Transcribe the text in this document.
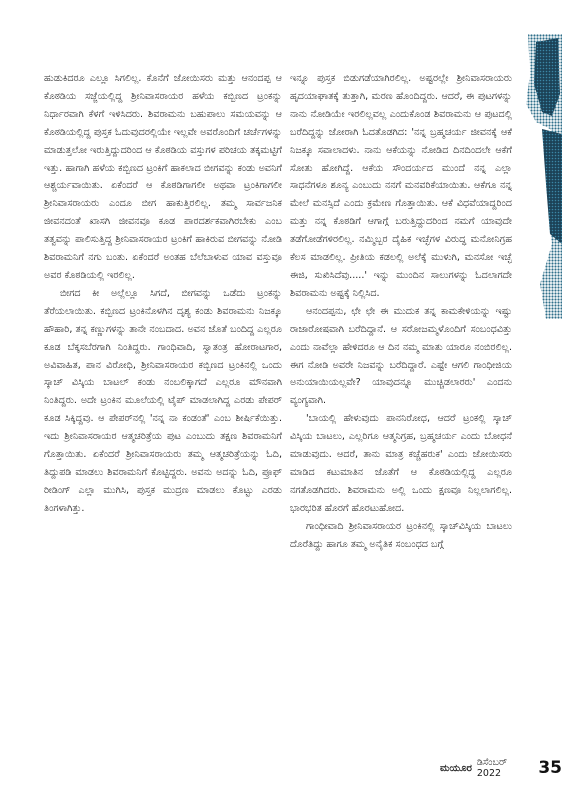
ಹುಡುಕಿದರೂ ಎಲ್ಲೂ ಸಿಗಲಿಲ್ಲ. ಕೊನೆಗೆ ಜೋಯಿಸರು ಮತ್ತು ಆನಂದಪ್ಪ ಆ ಕೊಠಡಿಯ ಸಜ್ಜೆಯಲ್ಲಿದ್ದ ಶ್ರೀನಿವಾಸರಾಯರ ಹಳೆಯ ಕಬ್ಬಿಣದ ಟ್ರಂಕನ್ನು ನಿರ್ಧಾರವಾಗಿ ಕೆಳಗೆ ಇಳಿಸಿದರು. ಶಿವರಾಮನು ಬಹುಪಾಲು ಸಮಯವನ್ನು ಆ ಕೊಠಡಿಯಲ್ಲಿದ್ದ ಪುಸ್ತಕ ಓದುವುದರಲ್ಲಿಯೇ ಇಲ್ಲವೇ ಅವರೊಂದಿಗೆ ಚರ್ಚೆಗಳನ್ನು ಮಾಡುತ್ತಲೋ ಇರುತ್ತಿದ್ದುದರಿಂದ ಆ ಕೊಠಡಿಯ ವಸ್ತುಗಳ ಪರಿಚಯ ತಕ್ಕಮಟ್ಟಿಗೆ ಇತ್ತು. ಹಾಗಾಗಿ ಹಳೆಯ ಕಬ್ಬಿಣದ ಟ್ರಂಕಿಗೆ ಹಾಕಲಾದ ಬೀಗವನ್ನು ಕಂಡು ಅವನಿಗೆ ಆಶ್ಚರ್ಯವಾಯಿತು. ಏಕೆಂದರೆ ಆ ಕೊಠಡಿಗಾಗಲೀ ಅಥವಾ ಟ್ರಂಕಿಗಾಗಲೀ ಶ್ರೀನಿವಾಸರಾಯರು ಎಂದೂ ಬೀಗ ಹಾಕುತ್ತಿರಲಿಲ್ಲ. ತಮ್ಮ ಸಾರ್ವಜನಿಕ ಜೀವನದಂತೆ ಖಾಸಗಿ ಜೀವನವೂ ಕೂಡ ಪಾರದರ್ಶಕವಾಗಿರಬೇಕು ಎಂಬ ತತ್ವವನ್ನು ಪಾಲಿಸುತ್ತಿದ್ದ ಶ್ರೀನಿವಾಸರಾಯರ ಟ್ರಂಕಿಗೆ ಹಾಕಿರುವ ಬೀಗವನ್ನು ನೋಡಿ ಶಿವರಾಮನಿಗೆ ನಗು ಬಂತು. ಏಕೆಂದರೆ ಅಂತಹ ಬೆಲೆಬಾಳುವ ಯಾವ ವಸ್ತುವೂ ಅವರ ಕೊಠಡಿಯಲ್ಲಿ ಇರಲಿಲ್ಲ.

ಬೀಗದ ಕೀ ಅಲ್ಲೆಲ್ಲೂ ಸಿಗದೆ, ಬೀಗವನ್ನು ಒಡೆದು ಟ್ರಂಕನ್ನು ತೆರೆಯಲಾಯಿತು. ಕಬ್ಬಿಣದ ಟ್ರಂಕಿನೊಳಗಿನ ದೃಶ್ಯ ಕಂಡು ಶಿವರಾಮನು ನಿಜಕ್ಕೂ ಹೌಹಾರಿ, ತನ್ನ ಕಣ್ಣುಗಳನ್ನು ತಾನೇ ನಂಬದಾದ. ಅವನ ಜೊತೆ ಬಂದಿದ್ದ ಎಲ್ಲರೂ ಕೂಡ ಬೆಕ್ಕಸಬೆರಗಾಗಿ ನಿಂತಿದ್ದರು. ಗಾಂಧಿವಾದಿ, ಸ್ವಾತಂತ್ರ ಹೋರಾಟಗಾರ, ಅವಿವಾಹಿತ, ಪಾನ ವಿರೋಧಿ, ಶ್ರೀನಿವಾಸರಾಯರ ಕಬ್ಬಿಣದ ಟ್ರಂಕಿನಲ್ಲಿ ಒಂದು ಸ್ಕಾಚ್ ವಿಸ್ಕಿಯ ಬಾಟಲ್ ಕಂಡು ನಂಬಲಿಕ್ಕಾಗದೆ ಎಲ್ಲರೂ ಮೌನವಾಗಿ ನಿಂತಿದ್ದರು. ಅದೇ ಟ್ರಂಕಿನ ಮೂಲೆಯಲ್ಲಿ ಟೈಪ್ ಮಾಡಲಾಗಿದ್ದ ಎರಡು ಪೇಪರ್ ಕೂಡ ಸಿಕ್ಕಿದ್ದವು. ಆ ಪೇಪರ್‌ನಲ್ಲಿ 'ನನ್ನ ನಾ ಕಂಡಂತೆ' ಎಂಬ ಶೀರ್ಷಿಕೆಯಿತ್ತು. ಇದು ಶ್ರೀನಿವಾಸರಾಯರ ಆತ್ಮಚರಿತ್ರೆಯ ಪುಟ ಎಂಬುದು ತಕ್ಷಣ ಶಿವರಾಮನಿಗೆ ಗೊತ್ತಾಯಿತು. ಏಕೆಂದರೆ ಶ್ರೀನಿವಾಸರಾಯರು ತಮ್ಮ ಆತ್ಮಚರಿತ್ರೆಯನ್ನು ಓದಿ, ತಿದ್ದುಪಡಿ ಮಾಡಲು ಶಿವರಾಮನಿಗೆ ಕೊಟ್ಟಿದ್ದರು. ಅವನು ಅದನ್ನು ಓದಿ, ಪ್ರೂಫ್ ರೀಡಿಂಗ್ ಎಲ್ಲಾ ಮುಗಿಸಿ, ಪುಸ್ತಕ ಮುದ್ರಣ ಮಾಡಲು ಕೊಟ್ಟು ಎರಡು ತಿಂಗಳಾಗಿತ್ತು.

ಇನ್ನೂ ಪುಸ್ತಕ ಬಿಡುಗಡೆಯಾಗಿರಲಿಲ್ಲ. ಅಷ್ಟರಲ್ಲೇ ಶ್ರೀನಿವಾಸರಾಯರು ಹೃದಯಾಘಾತಕ್ಕೆ ತುತ್ತಾಗಿ, ಮರಣ ಹೊಂದಿದ್ದರು. ಆದರೆ, ಈ ಪುಟಗಳನ್ನು ನಾನು ನೋಡಿಯೇ ಇರಲಿಲ್ಲವಲ್ಲ ಎಂದುಕೊಂಡ ಶಿವರಾಮನು ಆ ಪುಟದಲ್ಲಿ ಬರೆದಿದ್ದನ್ನು ಜೋರಾಗಿ ಓದತೊಡಗಿದ: 'ನನ್ನ ಬ್ರಹ್ಮಚರ್ಯ ಜೀವನಕ್ಕೆ ಆಕೆ ನಿಜಕ್ಕೂ ಸವಾಲಾದಳು. ನಾನು ಆಕೆಯನ್ನು ನೋಡಿದ ದಿನದಿಂದಲೇ ಆಕೆಗೆ ಸೋತು ಹೋಗಿದ್ದೆ. ಆಕೆಯ ಸೌಂದರ್ಯದ ಮುಂದೆ ನನ್ನ ಎಲ್ಲಾ ಸಾಧನೆಗಳೂ ಶೂನ್ಯ ಎಂಬುದು ನನಗೆ ಮನವರಿಕೆಯಾಯಿತು. ಆಕೆಗೂ ನನ್ನ ಮೇಲೆ ಮನಸ್ಸಿದೆ ಎಂದು ಕ್ರಮೇಣ ಗೊತ್ತಾಯಿತು. ಆಕೆ ವಿಧವೆಯಾದ್ದರಿಂದ ಮತ್ತು ನನ್ನ ಕೊಠಡಿಗೆ ಆಗಾಗ್ಗೆ ಬರುತ್ತಿದ್ದುದರಿಂದ ನಮಗೆ ಯಾವುದೇ ತಡೆಗೋಡೆಗಳಿರಲಿಲ್ಲ. ನಮ್ಮಿಬ್ಬರ ದೈಹಿಕ ಇಚ್ಛೆಗಳ ವಿರುದ್ಧ ಮನೋನಿಗ್ರಹ ಕೆಲಸ ಮಾಡಲಿಲ್ಲ. ಪ್ರೀತಿಯ ಕಡಲಲ್ಲಿ ಅಲೆಕ್ಕೆ ಮುಳುಗಿ, ಮನಸೋ ಇಚ್ಛೆ ಈಜಿ, ಸುಖಿಸಿದೆವು.....' ಇನ್ನು ಮುಂದಿನ ಸಾಲುಗಳನ್ನು ಓದಲಾಗದೇ ಶಿವರಾಮನು ಅಷ್ಟಕ್ಕೆ ನಿಲ್ಲಿಸಿದ.

ಆನಂದಪ್ಪನು, ಛೇ ಛೇ ಈ ಮುದುಕ ತನ್ನ ಕಾಮಕೇಳಿಯನ್ನು ಇಷ್ಟು ರಾಜಾರೋಷವಾಗಿ ಬರೆದಿದ್ದಾನೆ. ಆ ಸರೋಜಮ್ಮಳೊಂದಿಗೆ ಸಂಬಂಧವಿತ್ತು ಎಂದು ನಾವೆಲ್ಲಾ ಹೇಳಿದರೂ ಆ ದಿನ ನಮ್ಮ ಮಾತು ಯಾರೂ ನಂಬಿರಲಿಲ್ಲ. ಈಗ ನೋಡಿ ಅವರೇ ನಿಜವನ್ನು ಬರೆದಿದ್ದಾರೆ. ಎಷ್ಟೇ ಆಗಲಿ ಗಾಂಧೀಜಿಯ ಅನುಯಾಯಿಯಲ್ಲವೇ? ಯಾವುದನ್ನೂ ಮುಚ್ಚಿಡಲಾರರು' ಎಂದನು ವ್ಯಂಗ್ಯವಾಗಿ.

'ಬಾಯಲ್ಲಿ ಹೇಳುವುದು ಪಾನನಿರೋಧ, ಆದರೆ ಟ್ರಂಕಲ್ಲಿ ಸ್ಕಾಚ್ ವಿಸ್ಕಿಯ ಬಾಟಲು, ಎಲ್ಲರಿಗೂ ಆತ್ಮನಿಗ್ರಹ, ಬ್ರಹ್ಮಚರ್ಯ ಎಂದು ಬೋಧನೆ ಮಾಡುವುದು. ಆದರೆ, ತಾನು ಮಾತ್ರ ಕಚ್ಚೆಹರುಕ' ಎಂದು ಜೋಯಿಸರು ಮಾಡಿದ ಕಟುಮಾತಿನ ಜೊತೆಗೆ ಆ ಕೊಠಡಿಯಲ್ಲಿದ್ದ ಎಲ್ಲರೂ ನಗತೊಡಗಿದರು. ಶಿವರಾಮನು ಅಲ್ಲಿ ಒಂದು ಕ್ಷಣವೂ ನಿಲ್ಲಲಾಗಲಿಲ್ಲ. ಭಾರಭರಿತ ಹೊರಗೆ ಹೊರಟುಹೋದ.

ಗಾಂಧೀವಾದಿ ಶ್ರೀನಿವಾಸರಾಯರ ಟ್ರಂಕಿನಲ್ಲಿ ಸ್ಕಾಚ್‌ವಿಸ್ಕಿಯ ಬಾಟಲು ದೊರೆತಿದ್ದು ಹಾಗೂ ತಮ್ಮ ಅನೈತಿಕ ಸಂಬಂಧದ ಬಗ್ಗೆ

ಮಯೂರ ಡಿಸೆಂಬರ್ 2022	35
